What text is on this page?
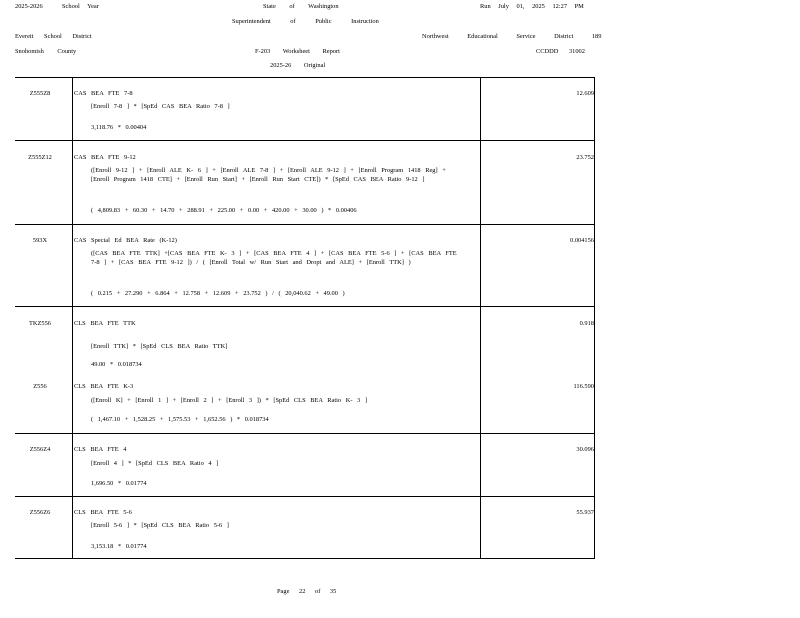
2025-2026	School Year	State of Washington	Run July 01, 2025 12:27 PM
Superintendent of Public Instruction
Everett School District	Northwest Educational Service District 189
Snohomish County	F-203 Worksheet Report	CCDDD 31002
2025-26 Original
Z555Z8	CAS BEA FTE 7-8
[Enroll 7-8 ] * [SpEd CAS BEA Ratio 7-8 ]
3,118.76 * 0.00404
12.609
Z555Z12	CAS BEA FTE 9-12
([Enroll 9-12 ] + [Enroll ALE K- 6 ] + [Enroll ALE 7-8 ] + [Enroll ALE 9-12 ] + [Enroll Program 1418 Reg] + [Enroll Program 1418 CTE] + [Enroll Run Start] + [Enroll Run Start CTE]) * [SpEd CAS BEA Ratio 9-12 ]
( 4,809.83 + 60.30 + 14.70 + 288.91 + 225.00 + 0.00 + 420.00 + 30.00 ) * 0.00406
23.752
593X	CAS Special Ed BEA Rate (K-12)
([CAS BEA FTE TTK] +[CAS BEA FTE K- 3 ] + [CAS BEA FTE 4 ] + [CAS BEA FTE 5-6 ] + [CAS BEA FTE 7-8 ] + [CAS BEA FTE 9-12 ]) / ( [Enroll Total w/ Run Start and Dropt and ALE] + [Enroll TTK] )
( 0.215 + 27.290 + 6.864 + 12.758 + 12.609 + 23.752 ) / ( 20,040.62 + 49.00 )
0.004156
TKZ556	CLS BEA FTE TTK
[Enroll TTK] * [SpEd CLS BEA Ratio TTK]
49.00 * 0.018734
0.918
Z556	CLS BEA FTE K-3
([Enroll K] + [Enroll 1 ] + [Enroll 2 ] + [Enroll 3 ]) * [SpEd CLS BEA Ratio K- 3 ]
( 1,467.10 + 1,528.25 + 1,575.53 + 1,652.56 ) * 0.018734
116.590
Z556Z4	CLS BEA FTE 4
[Enroll 4 ] * [SpEd CLS BEA Ratio 4 ]
1,696.50 * 0.01774
30.096
Z556Z6	CLS BEA FTE 5-6
[Enroll 5-6 ] * [SpEd CLS BEA Ratio 5-6 ]
3,153.18 * 0.01774
55.937
Page 22 of 35
